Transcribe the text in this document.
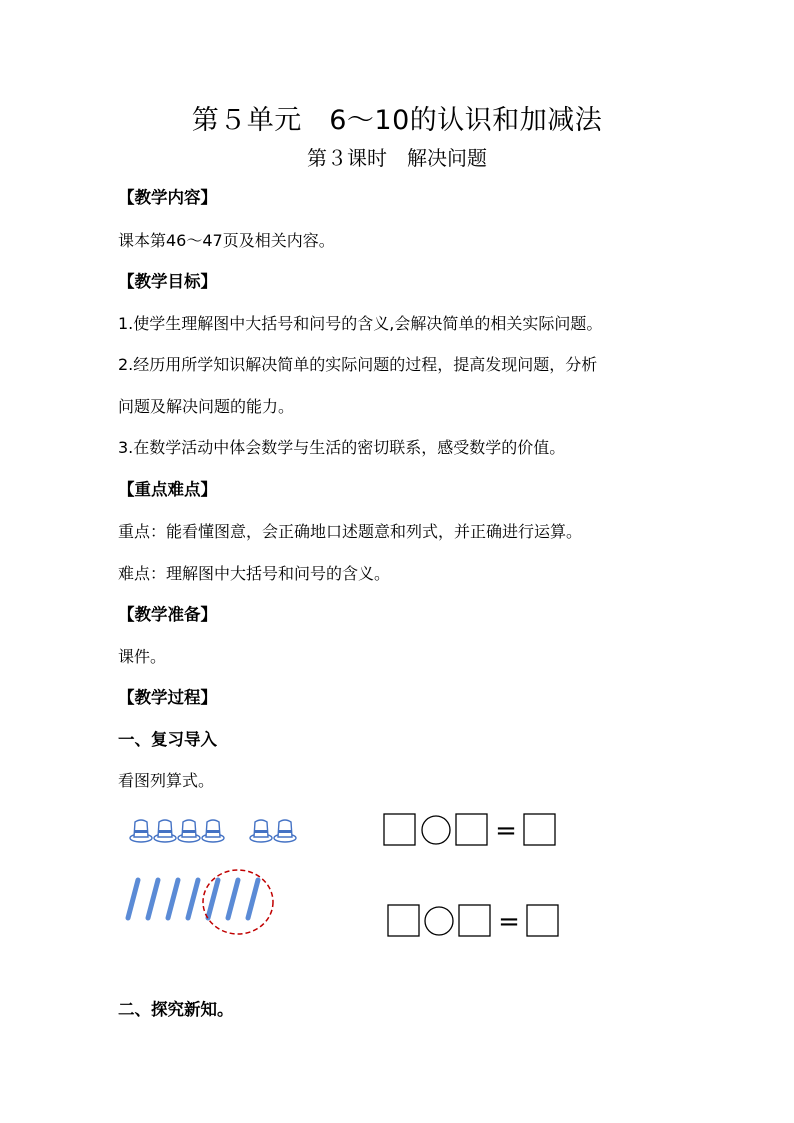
第５单元　6～10的认识和加减法
第３课时　解决问题
【教学内容】
课本第46～47页及相关内容。
【教学目标】
1.使学生理解图中大括号和问号的含义,会解决简单的相关实际问题。
2.经历用所学知识解决简单的实际问题的过程，提高发现问题，分析
问题及解决问题的能力。
3.在数学活动中体会数学与生活的密切联系，感受数学的价值。
【重点难点】
重点：能看懂图意，会正确地口述题意和列式，并正确进行运算。
难点：理解图中大括号和问号的含义。
【教学准备】
课件。
【教学过程】
一、复习导入
看图列算式。
=
=
二、探究新知。
